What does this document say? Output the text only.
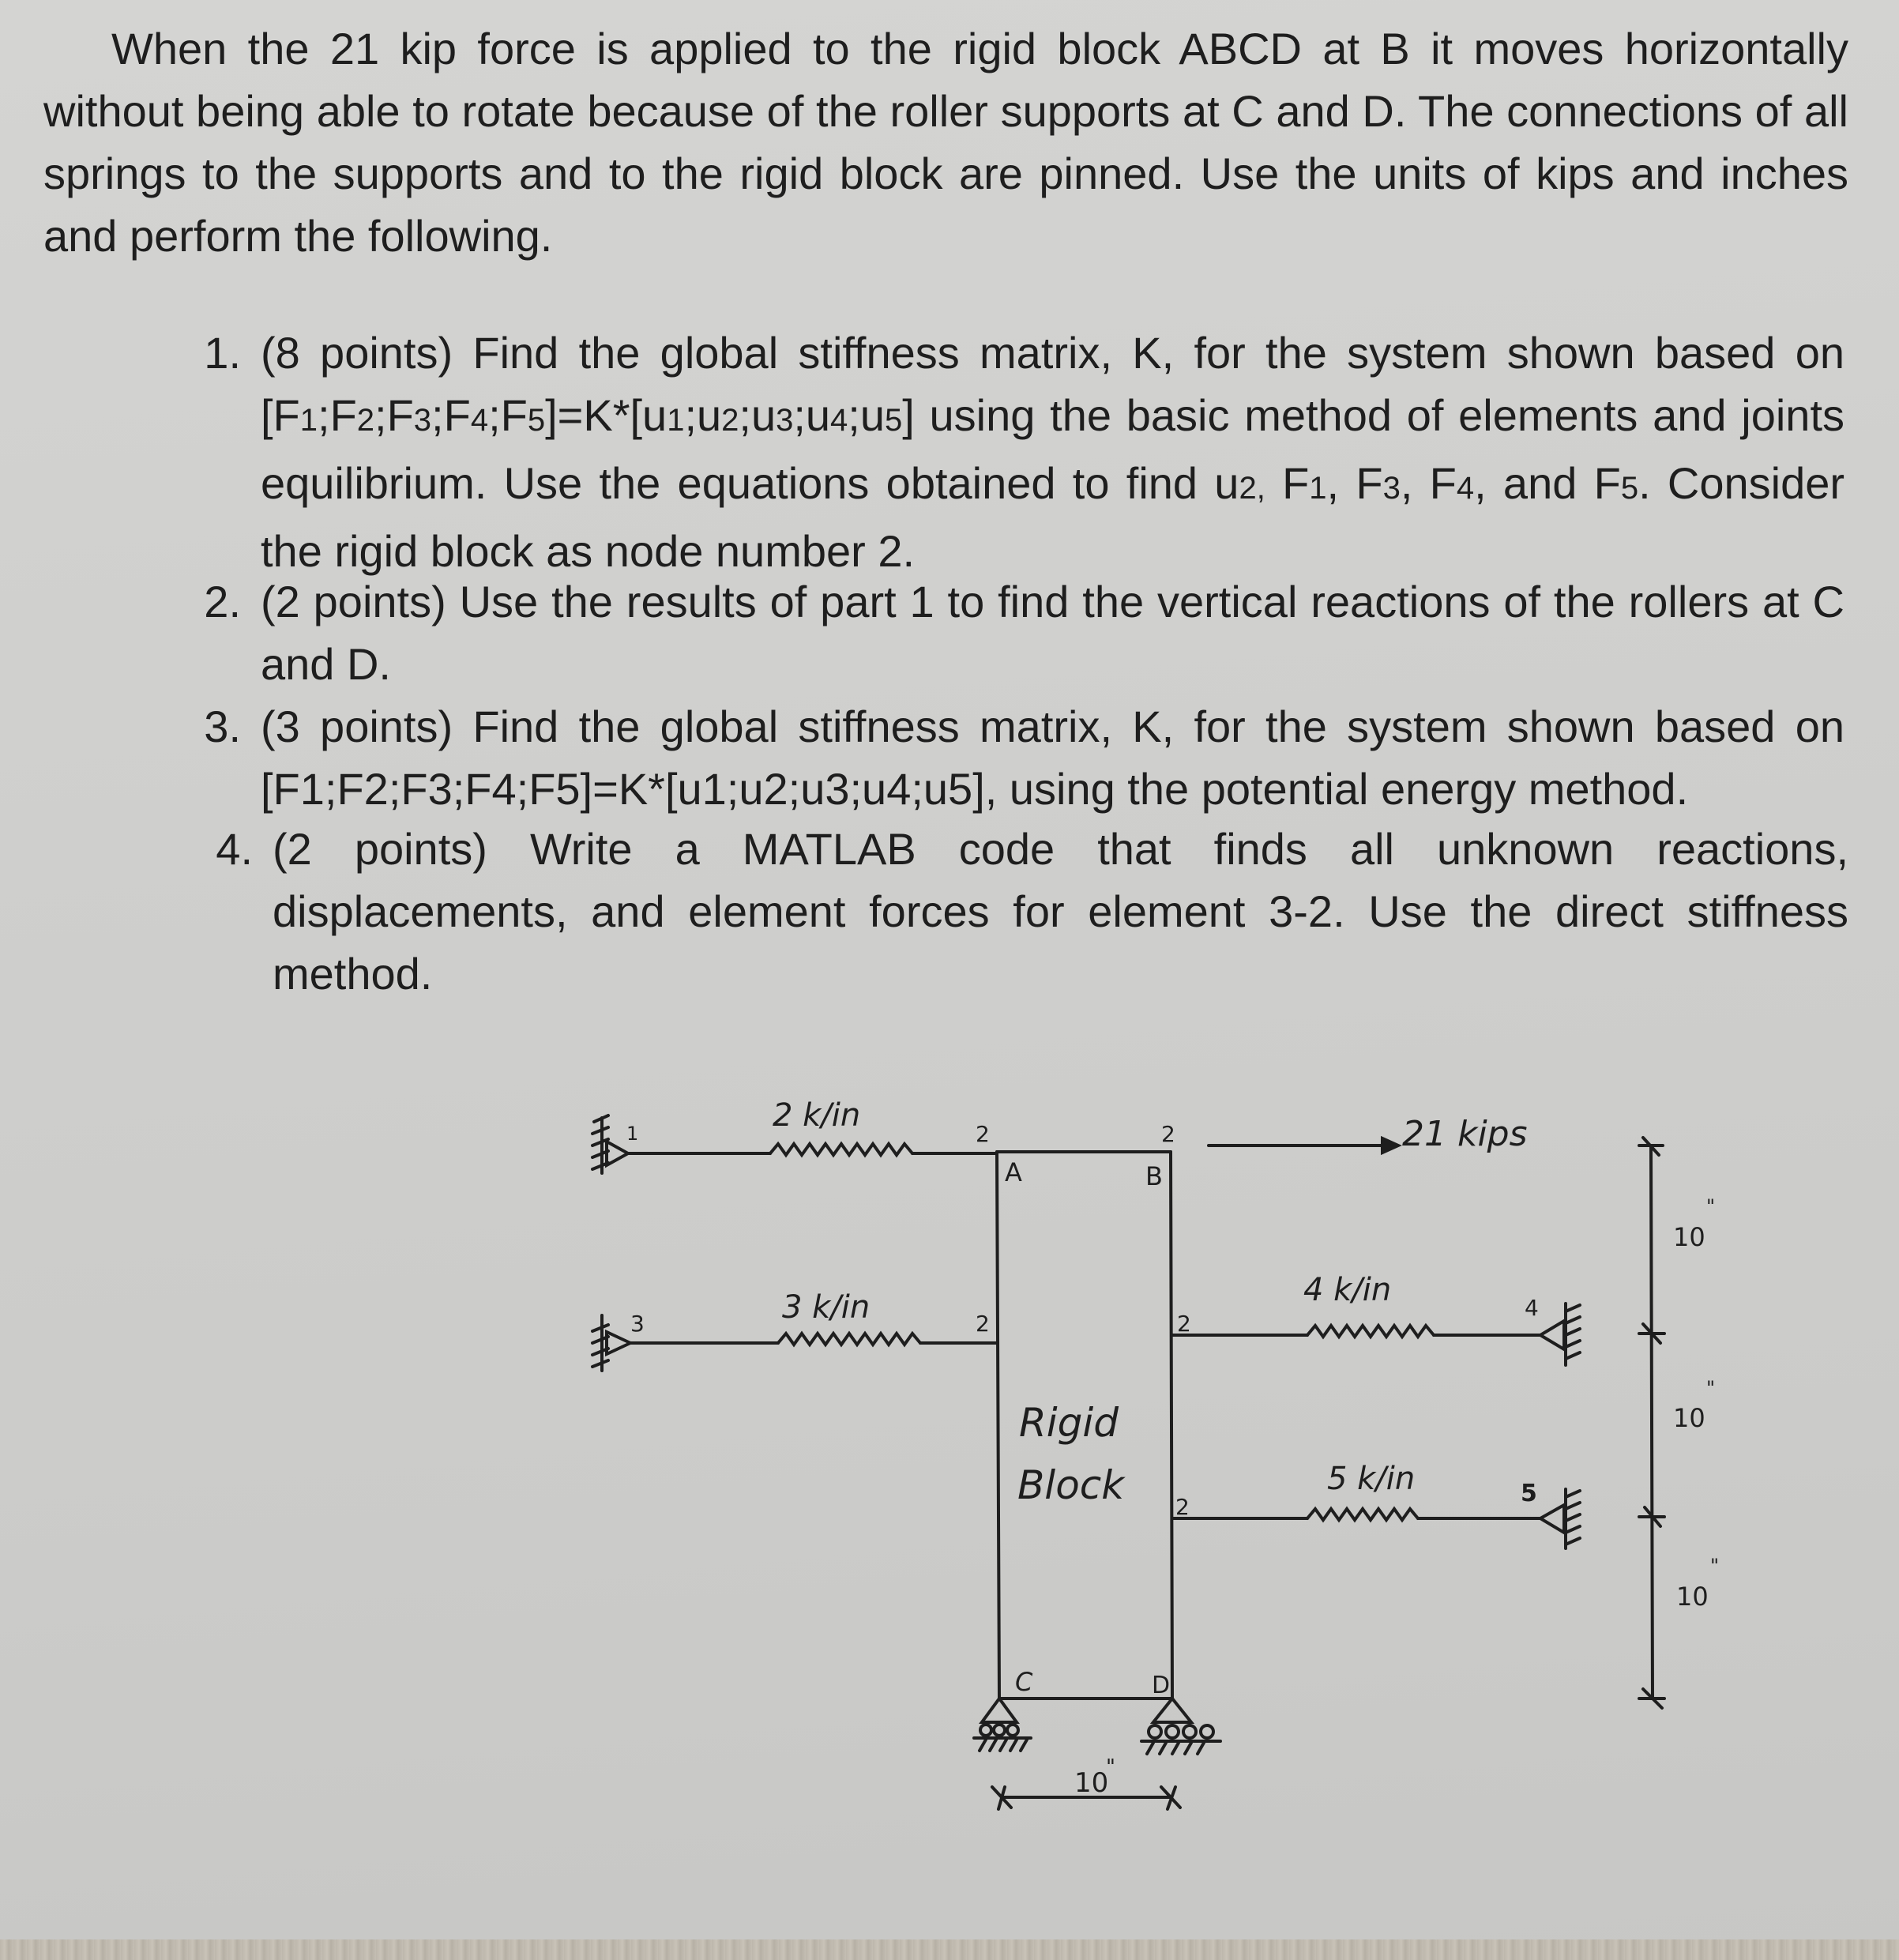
When the 21 kip force is applied to the rigid block ABCD at B it moves horizontally without being able to rotate because of the roller supports at C and D. The connections of all springs to the supports and to the rigid block are pinned. Use the units of kips and inches and perform the following.

1. (8 points) Find the global stiffness matrix, K, for the system shown based on [F1;F2;F3;F4;F5]=K*[u1;u2;u3;u4;u5] using the basic method of elements and joints equilibrium. Use the equations obtained to find u2, F1, F3, F4, and F5. Consider the rigid block as node number 2.

2. (2 points) Use the results of part 1 to find the vertical reactions of the rollers at C and D.

3. (3 points) Find the global stiffness matrix, K, for the system shown based on [F1;F2;F3;F4;F5]=K*[u1;u2;u3;u4;u5], using the potential energy method.

4. (2 points) Write a MATLAB code that finds all unknown reactions, displacements, and element forces for element 3-2. Use the direct stiffness method.

2 k/in
3 k/in	4 k/in
5 k/in
1	2	2
2	2
2
3
4
5
A	B
C	D
Rigid
Block
21 kips
10
"
10
"
10
"
10
"
